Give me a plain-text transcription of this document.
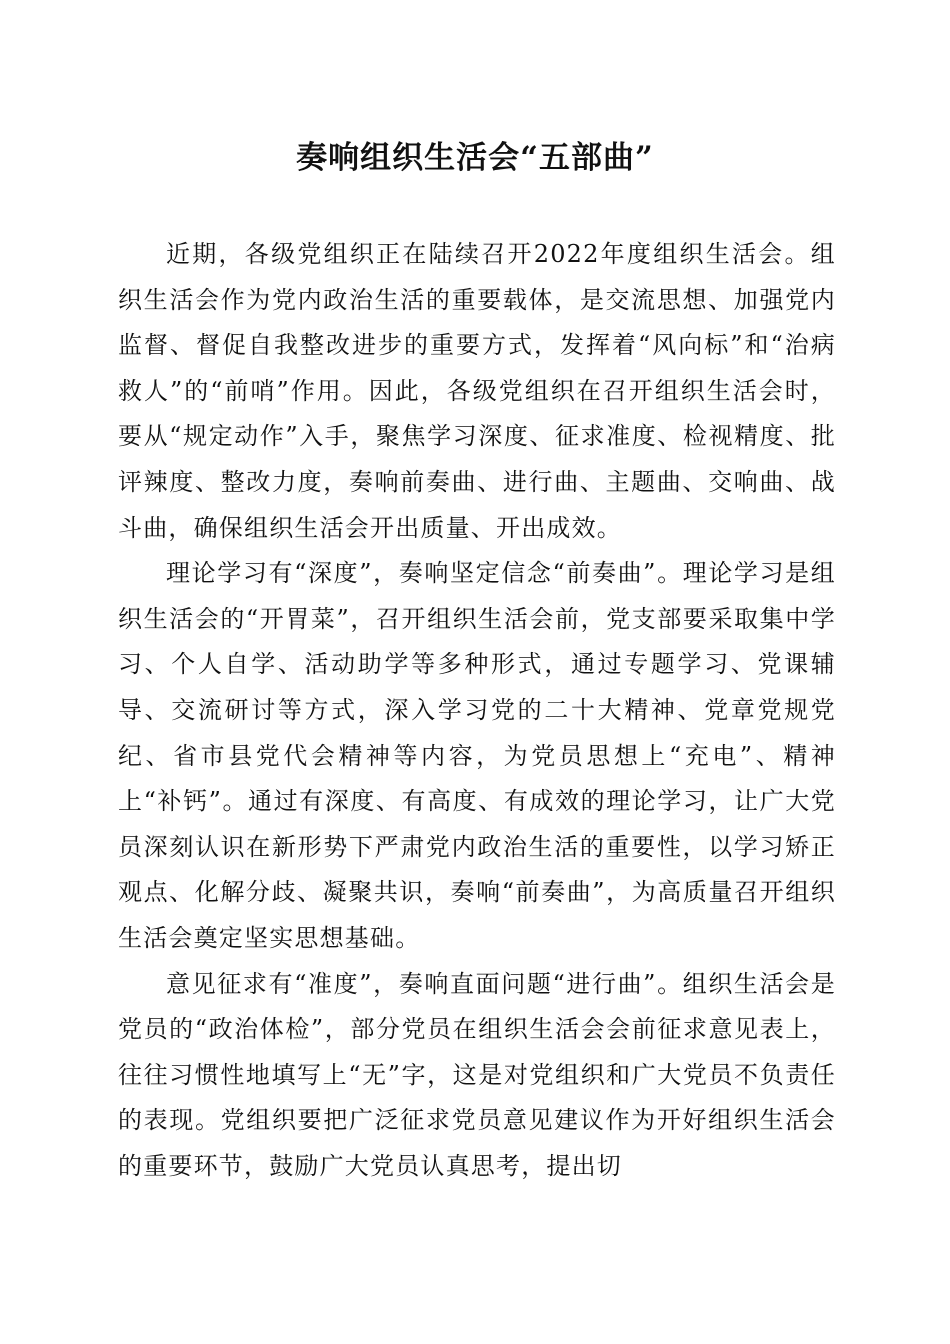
奏响组织生活会“五部曲”

近期，各级党组织正在陆续召开2022年度组织生活会。组织生活会作为党内政治生活的重要载体，是交流思想、加强党内监督、督促自我整改进步的重要方式，发挥着“风向标”和“治病救人”的“前哨”作用。因此，各级党组织在召开组织生活会时，要从“规定动作”入手，聚焦学习深度、征求准度、检视精度、批评辣度、整改力度，奏响前奏曲、进行曲、主题曲、交响曲、战斗曲，确保组织生活会开出质量、开出成效。

理论学习有“深度”，奏响坚定信念“前奏曲”。理论学习是组织生活会的“开胃菜”，召开组织生活会前，党支部要采取集中学习、个人自学、活动助学等多种形式，通过专题学习、党课辅导、交流研讨等方式，深入学习党的二十大精神、党章党规党纪、省市县党代会精神等内容，为党员思想上“充电”、精神上“补钙”。通过有深度、有高度、有成效的理论学习，让广大党员深刻认识在新形势下严肃党内政治生活的重要性，以学习矫正观点、化解分歧、凝聚共识，奏响“前奏曲”，为高质量召开组织生活会奠定坚实思想基础。

意见征求有“准度”，奏响直面问题“进行曲”。组织生活会是党员的“政治体检”，部分党员在组织生活会会前征求意见表上，往往习惯性地填写上“无”字，这是对党组织和广大党员不负责任的表现。党组织要把广泛征求党员意见建议作为开好组织生活会的重要环节，鼓励广大党员认真思考，提出切
